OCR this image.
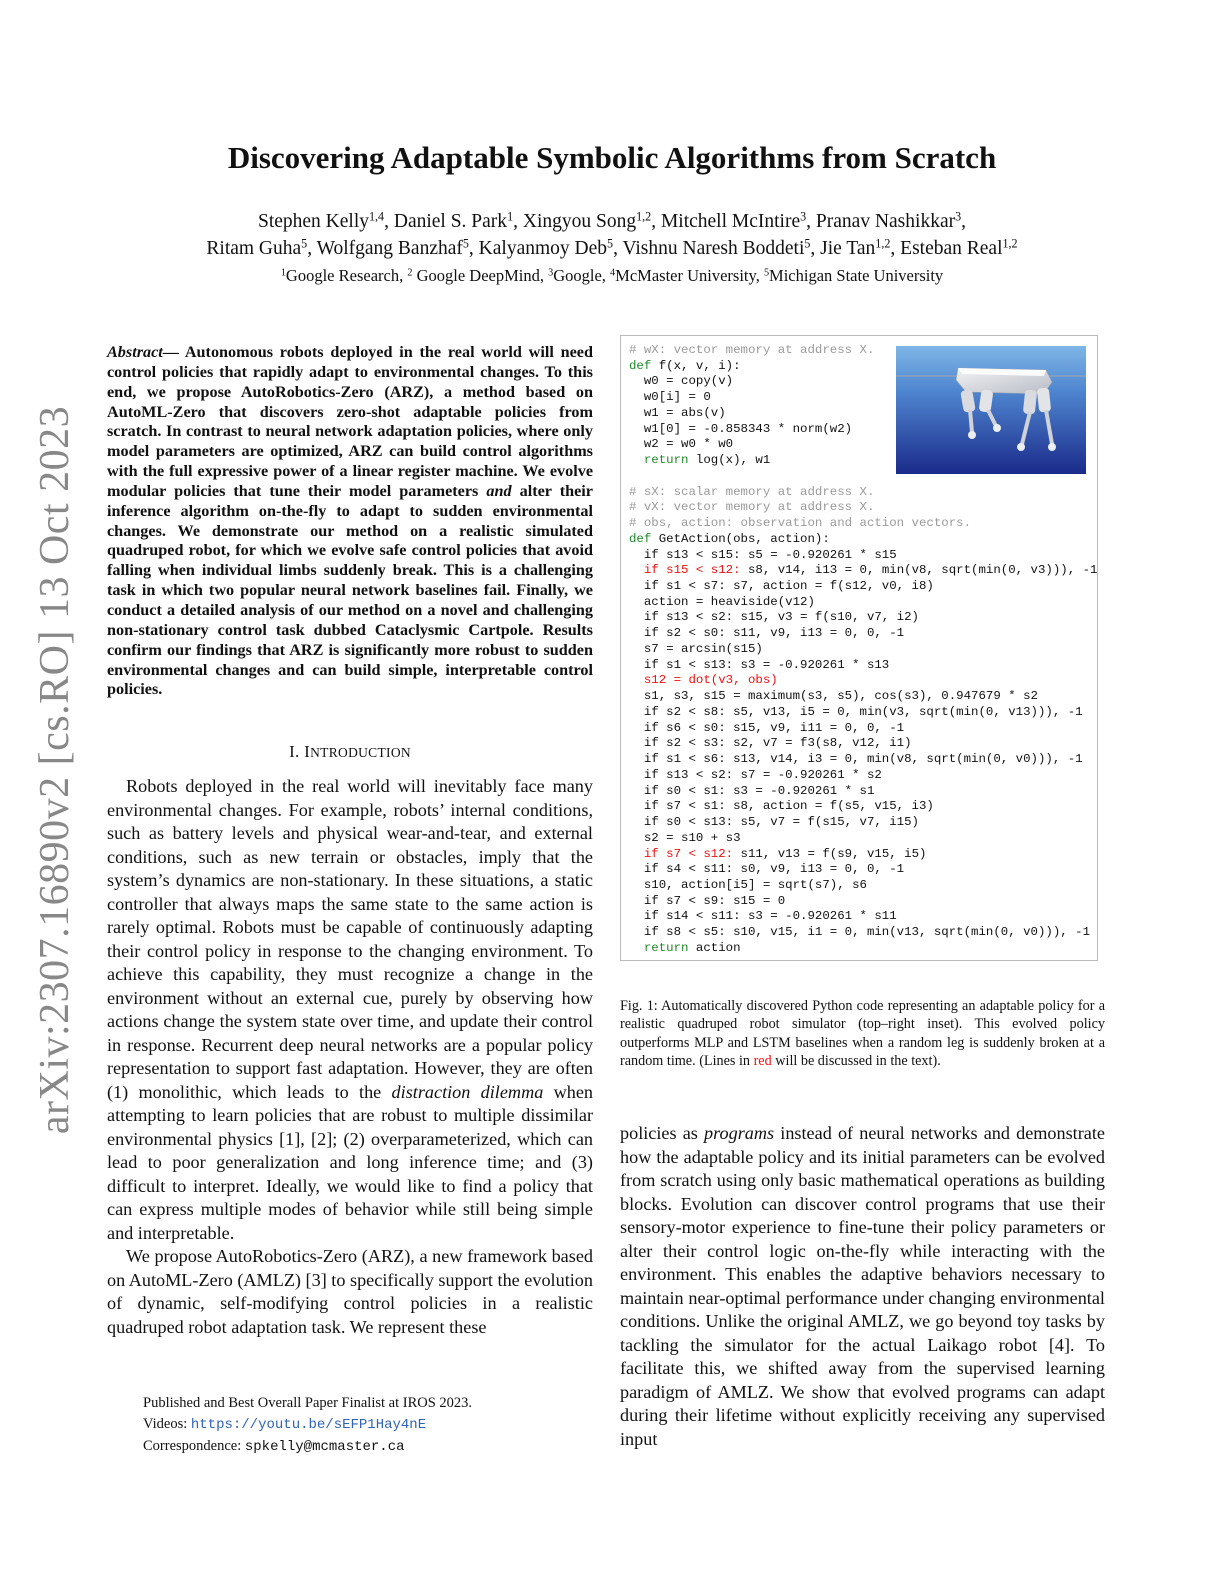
arXiv:2307.16890v2 [cs.RO] 13 Oct 2023
Discovering Adaptable Symbolic Algorithms from Scratch
Stephen Kelly$^{1,4}$, Daniel S. Park$^1$, Xingyou Song$^{1,2}$, Mitchell McIntire$^3$, Pranav Nashikkar$^3$,
Ritam Guha$^5$, Wolfgang Banzhaf$^5$, Kalyanmoy Deb$^5$, Vishnu Naresh Boddeti$^5$, Jie Tan$^{1,2}$, Esteban Real$^{1,2}$
$^1$Google Research, $^2$ Google DeepMind, $^3$Google, $^4$McMaster University, $^5$Michigan State University
Abstract— Autonomous robots deployed in the real world will need control policies that rapidly adapt to environmental changes. To this end, we propose AutoRobotics-Zero (ARZ), a method based on AutoML-Zero that discovers zero-shot adaptable policies from scratch. In contrast to neural network adaptation policies, where only model parameters are optimized, ARZ can build control algorithms with the full expressive power of a linear register machine. We evolve modular policies that tune their model parameters and alter their inference algorithm on-the-fly to adapt to sudden environmental changes. We demonstrate our method on a realistic simulated quadruped robot, for which we evolve safe control policies that avoid falling when individual limbs suddenly break. This is a challenging task in which two popular neural network baselines fail. Finally, we conduct a detailed analysis of our method on a novel and challenging non-stationary control task dubbed Cataclysmic Cartpole. Results confirm our findings that ARZ is significantly more robust to sudden environmental changes and can build simple, interpretable control policies.
I. INTRODUCTION

Robots deployed in the real world will inevitably face many environmental changes. For example, robots’ internal conditions, such as battery levels and physical wear-and-tear, and external conditions, such as new terrain or obstacles, imply that the system’s dynamics are non-stationary. In these situations, a static controller that always maps the same state to the same action is rarely optimal. Robots must be capable of continuously adapting their control policy in response to the changing environment. To achieve this capability, they must recognize a change in the environment without an external cue, purely by observing how actions change the system state over time, and update their control in response. Recurrent deep neural networks are a popular policy representation to support fast adaptation. However, they are often (1) monolithic, which leads to the distraction dilemma when attempting to learn policies that are robust to multiple dissimilar environmental physics [1], [2]; (2) overparameterized, which can lead to poor generalization and long inference time; and (3) difficult to interpret. Ideally, we would like to find a policy that can express multiple modes of behavior while still being simple and interpretable.

We propose AutoRobotics-Zero (ARZ), a new framework based on AutoML-Zero (AMLZ) [3] to specifically support the evolution of dynamic, self-modifying control policies in a realistic quadruped robot adaptation task. We represent these

Published and Best Overall Paper Finalist at IROS 2023.
Videos: https://youtu.be/sEFP1Hay4nE
Correspondence: spkelly@mcmaster.ca
# wX: vector memory at address X.
def f(x, v, i):
w0 = copy(v)
w0[i] = 0
w1 = abs(v)
w1[0] = -0.858343 * norm(w2)
w2 = w0 * w0
return log(x), w1

# sX: scalar memory at address X.
# vX: vector memory at address X.
# obs, action: observation and action vectors.
def GetAction(obs, action):
if s13 < s15: s5 = -0.920261 * s15
if s15 < s12: s8, v14, i13 = 0, min(v8, sqrt(min(0, v3))), -1
if s1 < s7: s7, action = f(s12, v0, i8)
action = heaviside(v12)
if s13 < s2: s15, v3 = f(s10, v7, i2)
if s2 < s0: s11, v9, i13 = 0, 0, -1
s7 = arcsin(s15)
if s1 < s13: s3 = -0.920261 * s13
s12 = dot(v3, obs)
s1, s3, s15 = maximum(s3, s5), cos(s3), 0.947679 * s2
if s2 < s8: s5, v13, i5 = 0, min(v3, sqrt(min(0, v13))), -1
if s6 < s0: s15, v9, i11 = 0, 0, -1
if s2 < s3: s2, v7 = f3(s8, v12, i1)
if s1 < s6: s13, v14, i3 = 0, min(v8, sqrt(min(0, v0))), -1
if s13 < s2: s7 = -0.920261 * s2
if s0 < s1: s3 = -0.920261 * s1
if s7 < s1: s8, action = f(s5, v15, i3)
if s0 < s13: s5, v7 = f(s15, v7, i15)
s2 = s10 + s3
if s7 < s12: s11, v13 = f(s9, v15, i5)
if s4 < s11: s0, v9, i13 = 0, 0, -1
s10, action[i5] = sqrt(s7), s6
if s7 < s9: s15 = 0
if s14 < s11: s3 = -0.920261 * s11
if s8 < s5: s10, v15, i1 = 0, min(v13, sqrt(min(0, v0))), -1
return action

Fig. 1: Automatically discovered Python code representing an adaptable policy for a realistic quadruped robot simulator (top–right inset). This evolved policy outperforms MLP and LSTM baselines when a random leg is suddenly broken at a random time. (Lines in red will be discussed in the text).

policies as programs instead of neural networks and demonstrate how the adaptable policy and its initial parameters can be evolved from scratch using only basic mathematical operations as building blocks. Evolution can discover control programs that use their sensory-motor experience to fine-tune their policy parameters or alter their control logic on-the-fly while interacting with the environment. This enables the adaptive behaviors necessary to maintain near-optimal performance under changing environmental conditions. Unlike the original AMLZ, we go beyond toy tasks by tackling the simulator for the actual Laikago robot [4]. To facilitate this, we shifted away from the supervised learning paradigm of AMLZ. We show that evolved programs can adapt during their lifetime without explicitly receiving any supervised input
